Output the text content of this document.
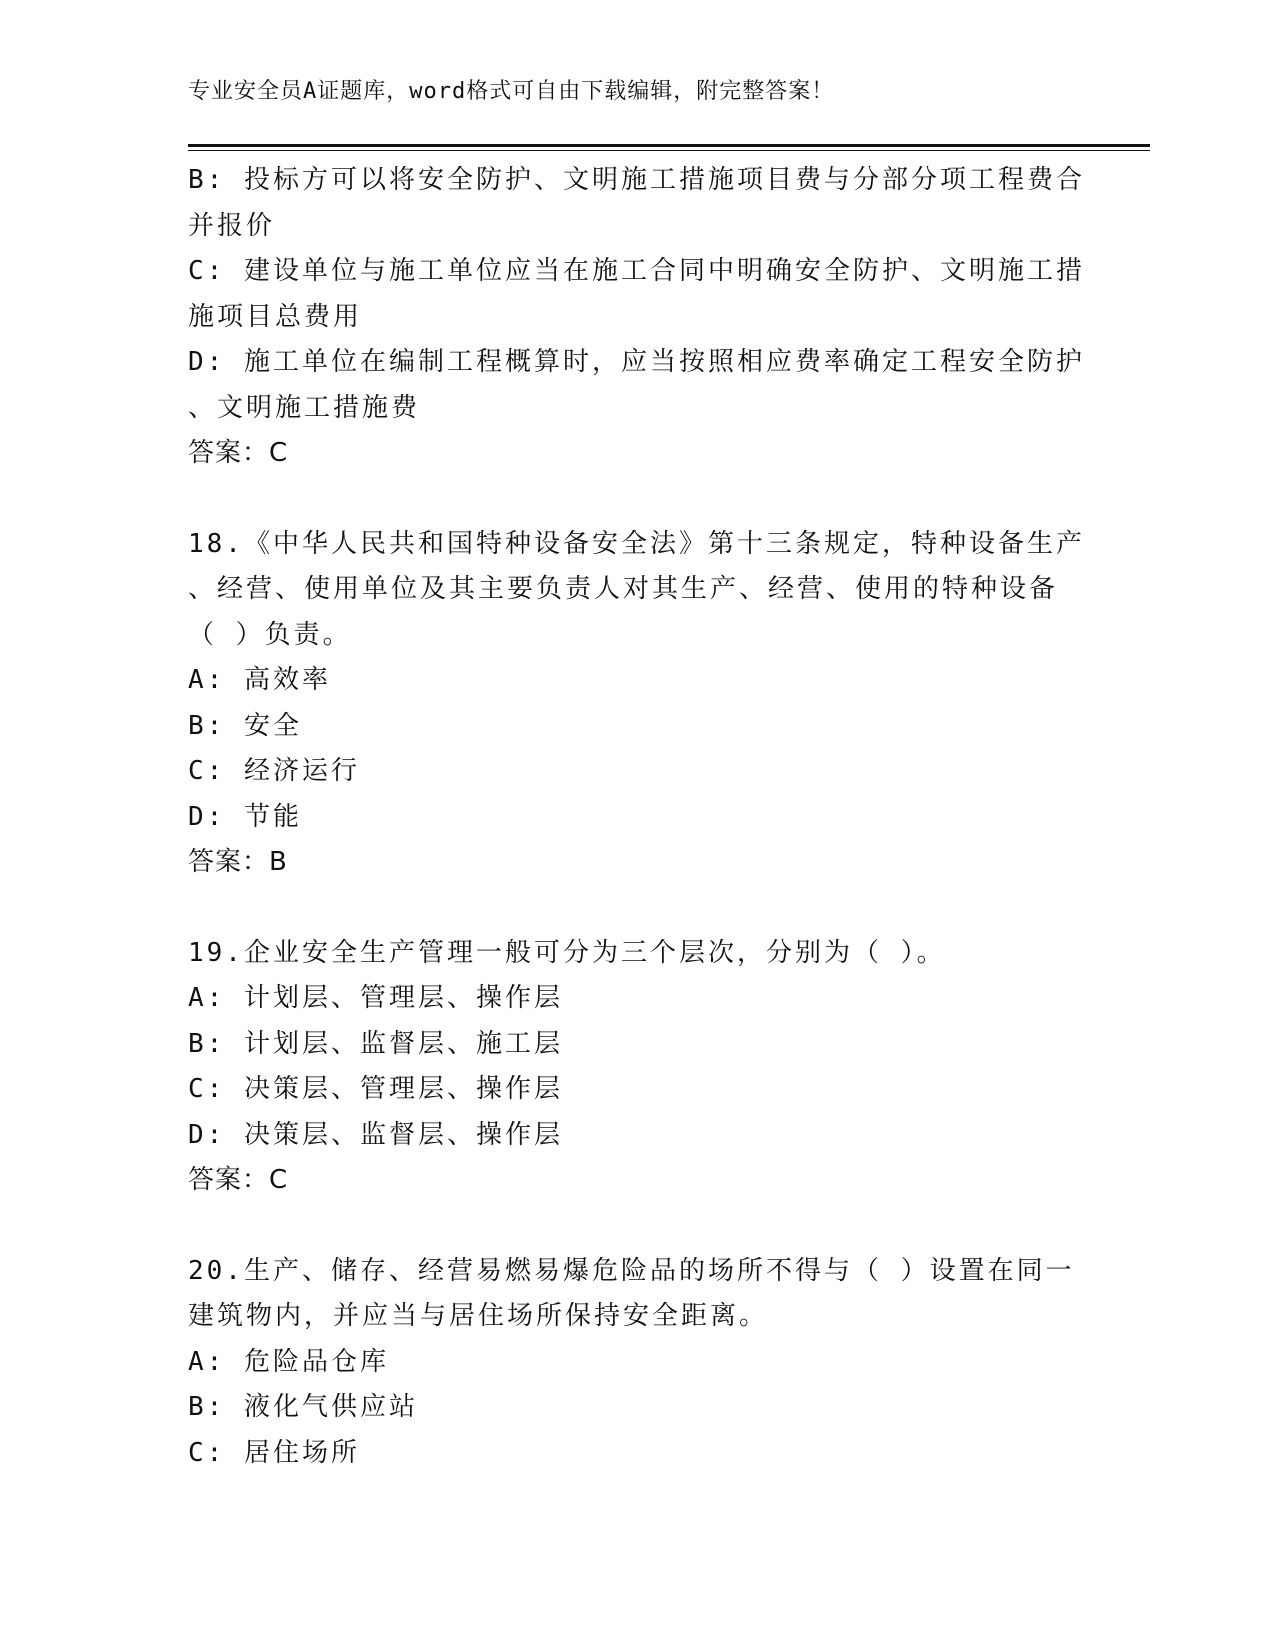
专业安全员A证题库，word格式可自由下载编辑，附完整答案！
B: 投标方可以将安全防护、文明施工措施项目费与分部分项工程费合
并报价
C: 建设单位与施工单位应当在施工合同中明确安全防护、文明施工措
施项目总费用
D: 施工单位在编制工程概算时，应当按照相应费率确定工程安全防护
、文明施工措施费
答案：C
18.《中华人民共和国特种设备安全法》第十三条规定，特种设备生产
、经营、使用单位及其主要负责人对其生产、经营、使用的特种设备
（ ）负责。
A: 高效率
B: 安全
C: 经济运行
D: 节能
答案：B
19.企业安全生产管理一般可分为三个层次，分别为（ ）。
A: 计划层、管理层、操作层
B: 计划层、监督层、施工层
C: 决策层、管理层、操作层
D: 决策层、监督层、操作层
答案：C
20.生产、储存、经营易燃易爆危险品的场所不得与（ ）设置在同一
建筑物内，并应当与居住场所保持安全距离。
A: 危险品仓库
B: 液化气供应站
C: 居住场所
